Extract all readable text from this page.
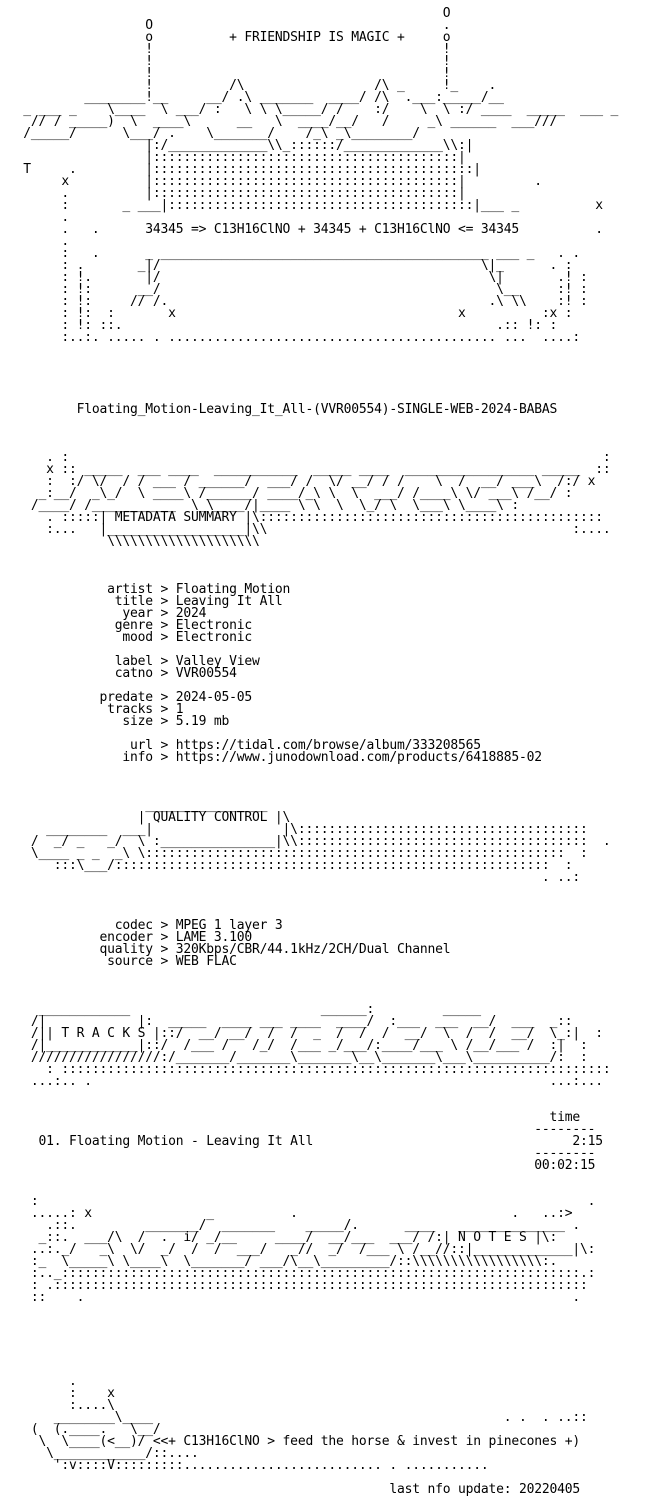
O
O                                      .
o          + FRIENDSHIP IS MAGIC +     o
!                                      !
!                                      !
!                                      !
!          /\                 /\ _     !_    .
________!__     __/ .\ _______  ____/ /\  .___:_____/__
_ ___ _    \____  \ ___/ :   \ \ \_____/ /    :/    \  \ :/ ____  _____  ___ _
// / _____)  \  ____\      __   \  ____/__/   /     _\ ______  ___///
/_____/      \___/ .    \_______/    /_\ _\________/
|:/_____________\\_::::::/_____________\\:|
|::::::::::::::::::::::::::::::::::::::::|
T     .         |::::::::::::::::::::::::::::::::::::::::::|
x          |::::::::::::::::::::::::::::::::::::::::|         .
.          |::::::::::::::::::::::::::::::::::::::::|
:       _ ___|::::::::::::::::::::::::::::::::::::::::|___ _          x
.
.   .      34345 => C13H16ClNO + 34345 + C13H16ClNO <= 34345          .
.
:   .      _ ___________________________________________ ___ _   . .
: .       _|/                                          \|_      . :
: !.       |/                                           \|       .! :
: !:      __/                                            \__     :! :
: !:     // /.                                          .\ \\    :! :
: !:  :       x                                     x          :x :
: !: ::.                                                 .:: !: :
:..:. ..... . ........................................... ...  ....:

Floating_Motion-Leaving_It_All-(VVR00554)-SINGLE-WEB-2024-BABAS

. :                                                                      :
x :: _____  ___ ____  ___________  _____ ____  _________________ _____  ::
:  :/ \/  / / ___ / ______/  ___/ /  \/ __/ / /    \  /  __/ ___\  /:/ x
_:__/  _\_/  \ ____\ /______/ ____/_\ \  \  ___/ /____\ \/ ___\ /__/ :
/____/ /___________  \_\____/|____ \ \  \  \_/ \  \___\ \____\ :
. :::::| METADATA SUMMARY |\:::::::::::::::::::::::::::::::::::::::::::::
:...   |__________________|\\                                        :....
\\\\\\\\\\\\\\\\\\\\

artist > Floating Motion
title > Leaving It All
year > 2024
genre > Electronic
mood > Electronic

label > Valley View
catno > VVR00554

predate > 2024-05-05
tracks > 1
size > 5.19 mb

url > https://tidal.com/browse/album/333208565
info > https://www.junodownload.com/products/6418885-02

________________
| QUALITY CONTROL |\
________  ___|                 |\::::::::::::::::::::::::::::::::::::::
/  _/ _   _/  \ :_______________|\\::::::::::::::::::::::::::::::::::::::  .
\____ _ _  _\ \:::::::::::::::::::::::::::::::::::::::::::::::::::::::  :
:::\___/:::::::::::::::::::::::::::::::::::::::::::::::::::::::::  :
. ..:

codec > MPEG 1 layer 3
encoder > LAME 3.100
quality > 320Kbps/CBR/44.1kHz/2CH/Dual Channel
source > WEB FLAC

____________                         ______:         _____
/|            |:  _____  ____ ___ ____  ____/  :___  ___  __/  ___  _::
/|| T R A C K S |::/  __/ __/  /  /  _  /  /  /  __/  \  /  /  __/  \_:|  :
/|____________|::/  /___ /   /_/  /___ _/___/:____/___ \ /__/___ /  :|  :
/////////////////:/_______/_______\_______\__\_______\___\__________/:  :
: ::::::::::::::::::::::::::::::::::::::::::::::::::::::::::::::::::::::::
...:.. .                                                            ...:...

time
--------
01. Floating Motion - Leaving It All                                  2:15
--------
00:02:15

:                                                                        .
.....: x               _          .                            .   ..:>
.::.         _______/  _______    _____/.      ____   ______________ .
_::.  ___/\  /  .  i/ _/__     ____/  __/___  ___/ /:| N O T E S |\:
..:._/   _\  \/  _/  /  /  ___/   _//  _/  /___ \ /__//::|_____________|\:
:_  \_____\ \____\  \_______/ ___/\__\_________/::\\\\\\\\\\\\\\\\\:.
:.._::::::::::::::::::::::::::::::::::::::::::::::::::::::::::::::::::::.:
: .::::::::::::::::::::::::::::::::::::::::::::::::::::::::::::::::::::::
::    .                                                                .

.
:    x
:....\
________\____                                              . .  . ..::
(  (.____.   \__/
\  \____(<__)/ <<+ C13H16ClNO > feed the horse & invest in pinecones +)
\____________/::....
':v::::V:::::::::.......................... . ...........

last nfo update: 20220405
